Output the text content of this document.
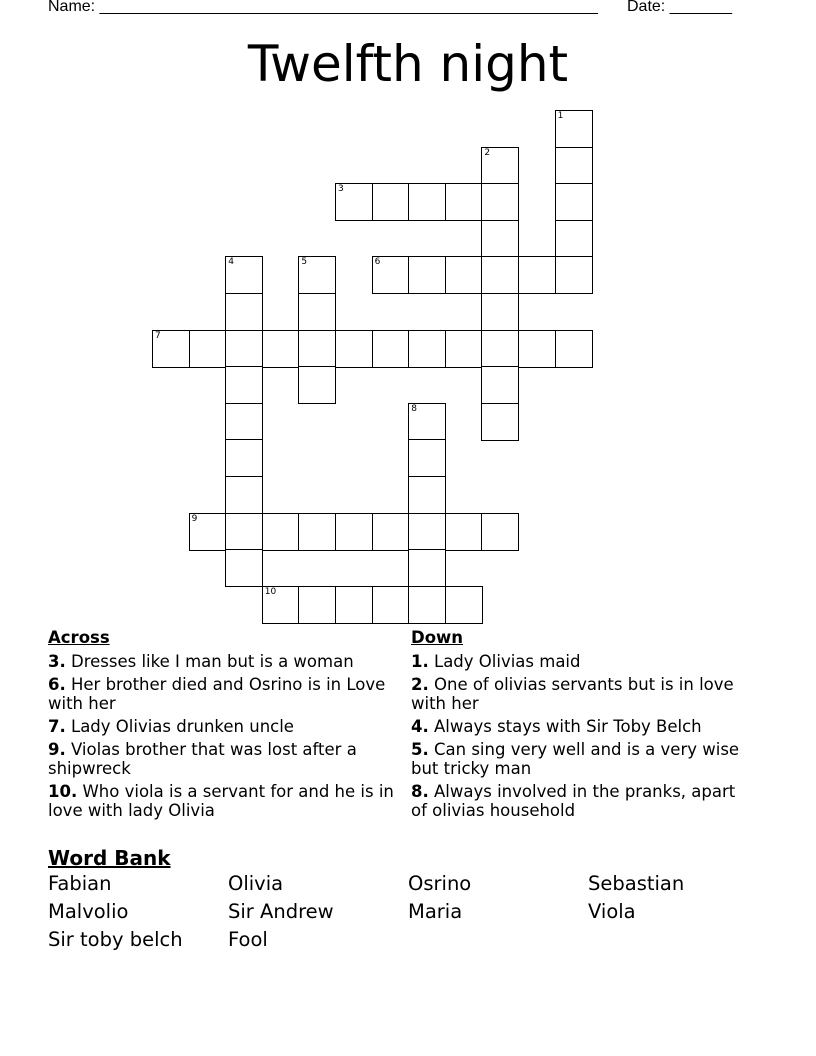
Name: ________________________________________________________ Date: _______
Twelfth night
1
2
3
4	5	6
7
8
9
10
Across
3. Dresses like I man but is a woman
6. Her brother died and Osrino is in Love with her
7. Lady Olivias drunken uncle
9. Violas brother that was lost after a shipwreck
10. Who viola is a servant for and he is in love with lady Olivia
Down
1. Lady Olivias maid
2. One of olivias servants but is in love with her
4. Always stays with Sir Toby Belch
5. Can sing very well and is a very wise but tricky man
8. Always involved in the pranks, apart of olivias household
Word Bank
Fabian	Olivia	Osrino	Sebastian
Malvolio	Sir Andrew	Maria	Viola
Sir toby belch	Fool
